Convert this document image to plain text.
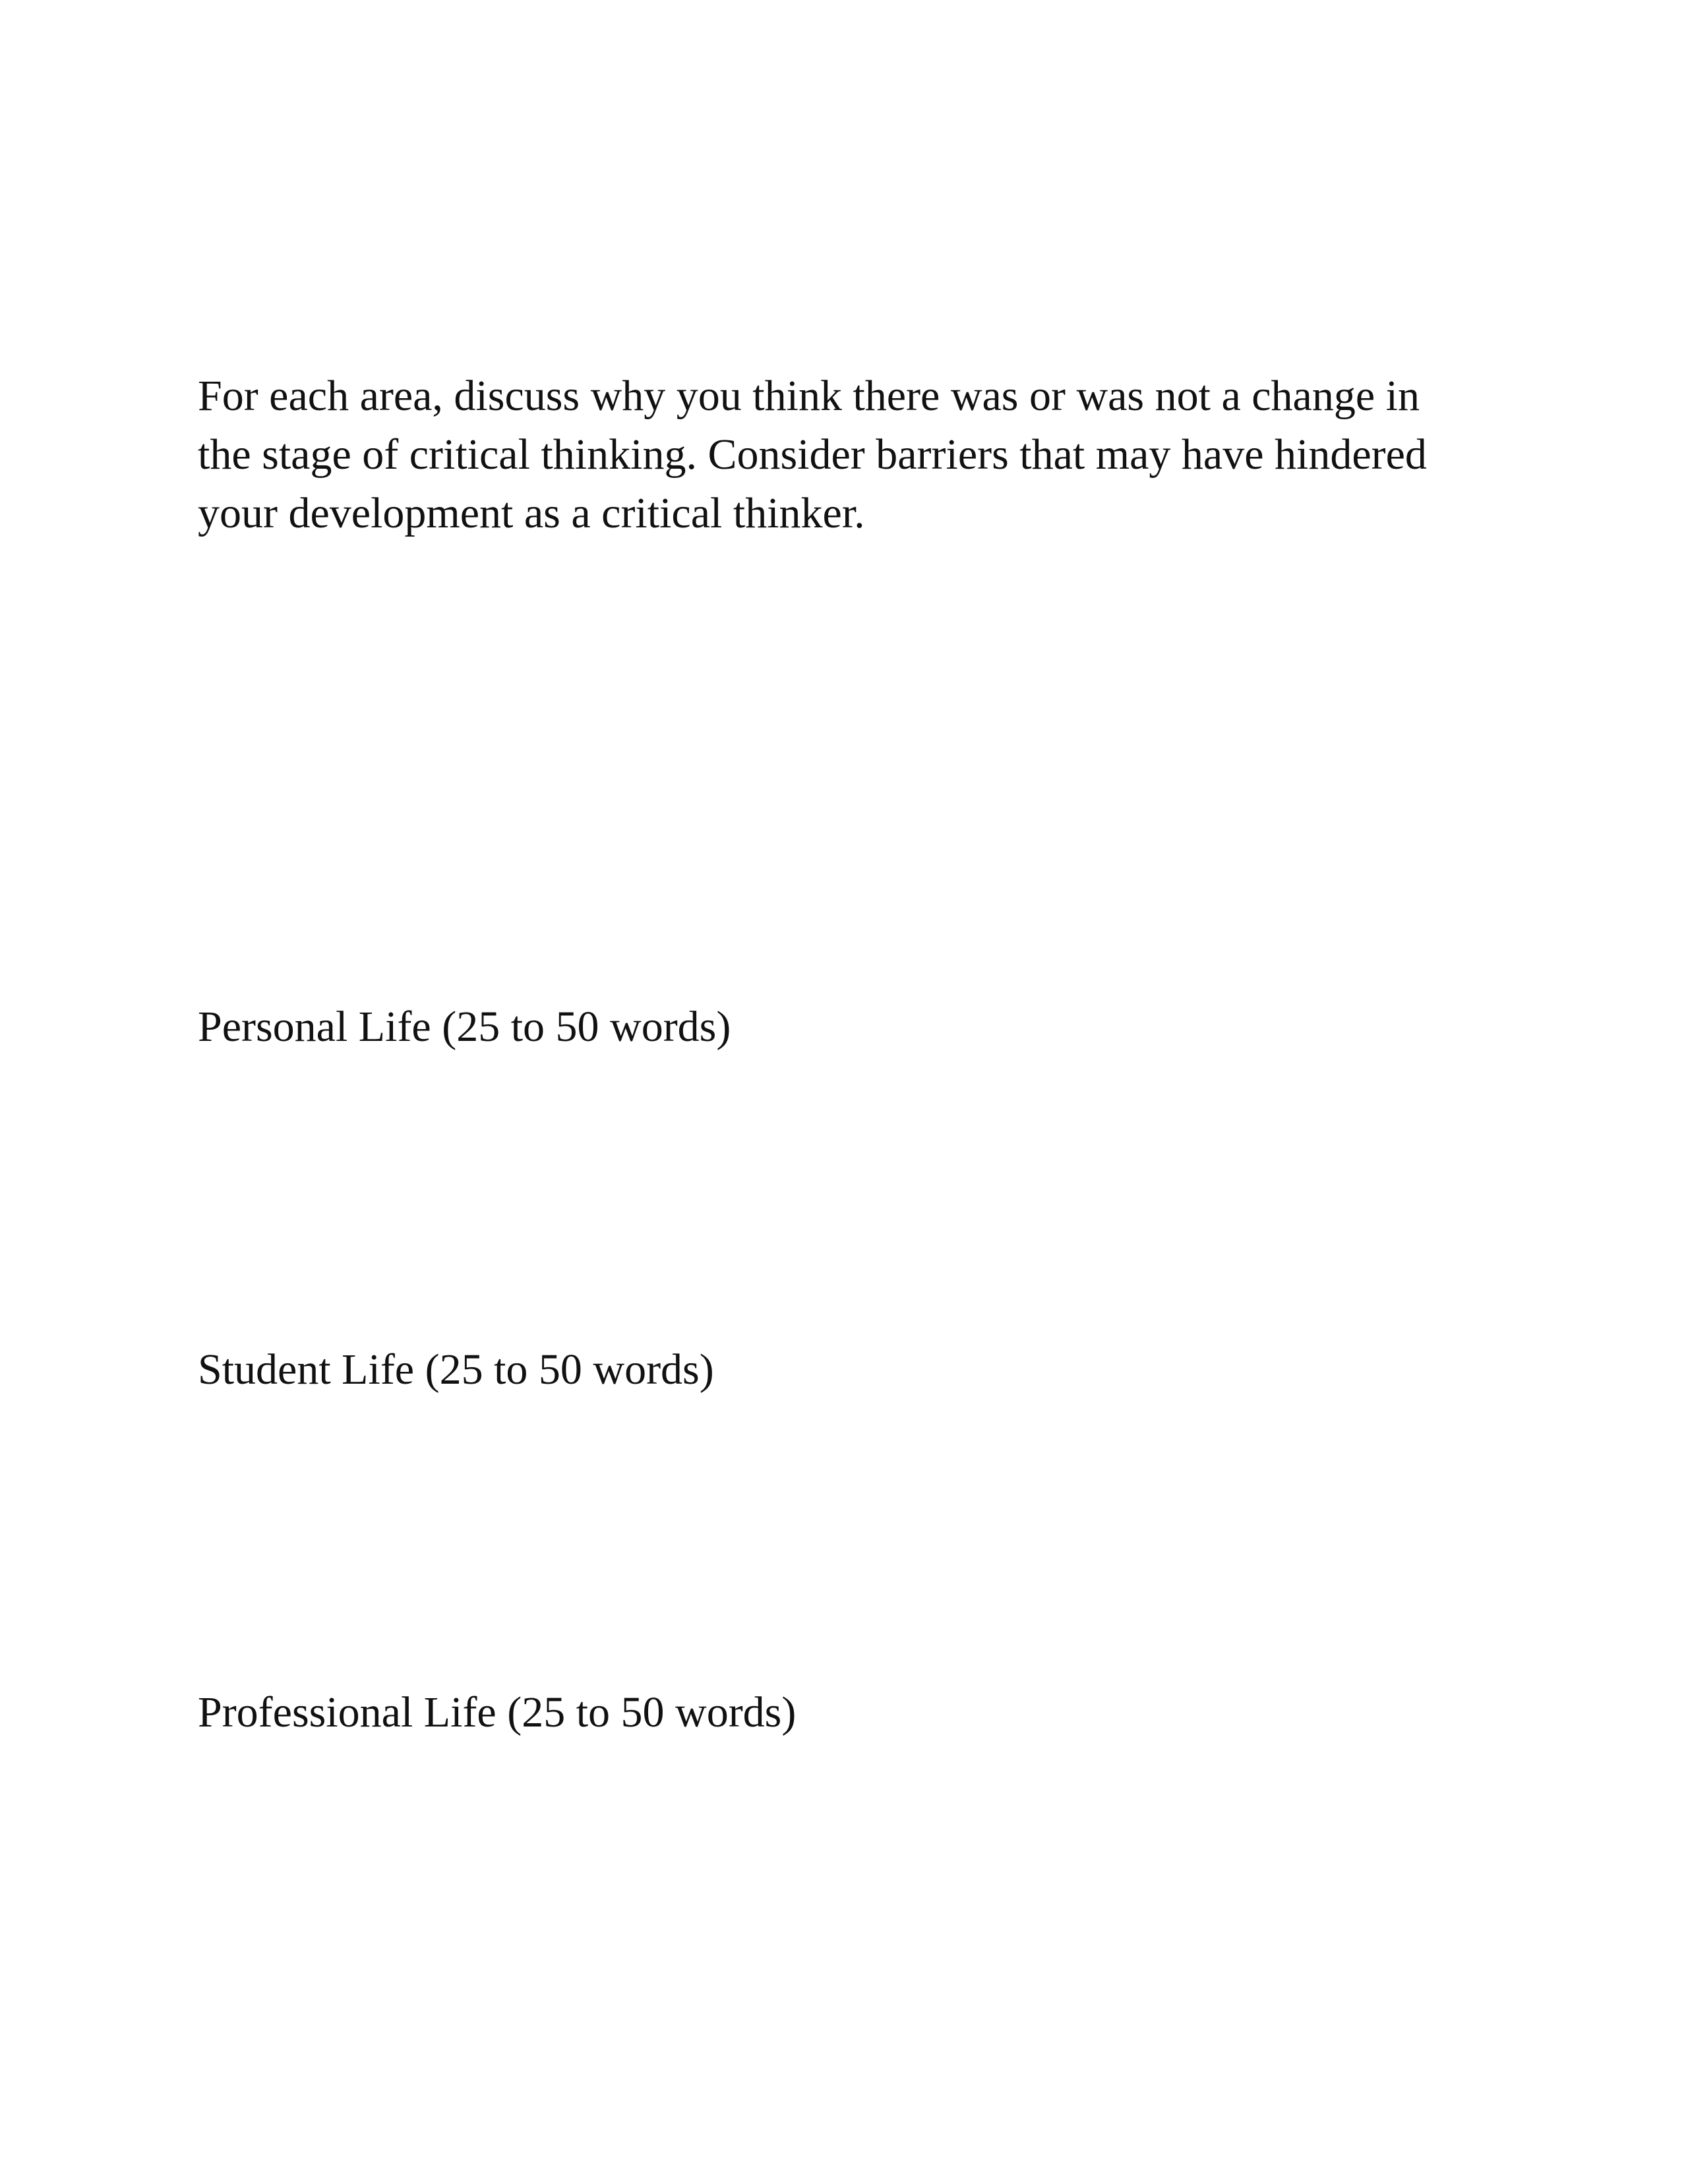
For each area, discuss why you think there was or was not a change in
the stage of critical thinking. Consider barriers that may have hindered
your development as a critical thinker.

Personal Life (25 to 50 words)

Student Life (25 to 50 words)

Professional Life (25 to 50 words)
